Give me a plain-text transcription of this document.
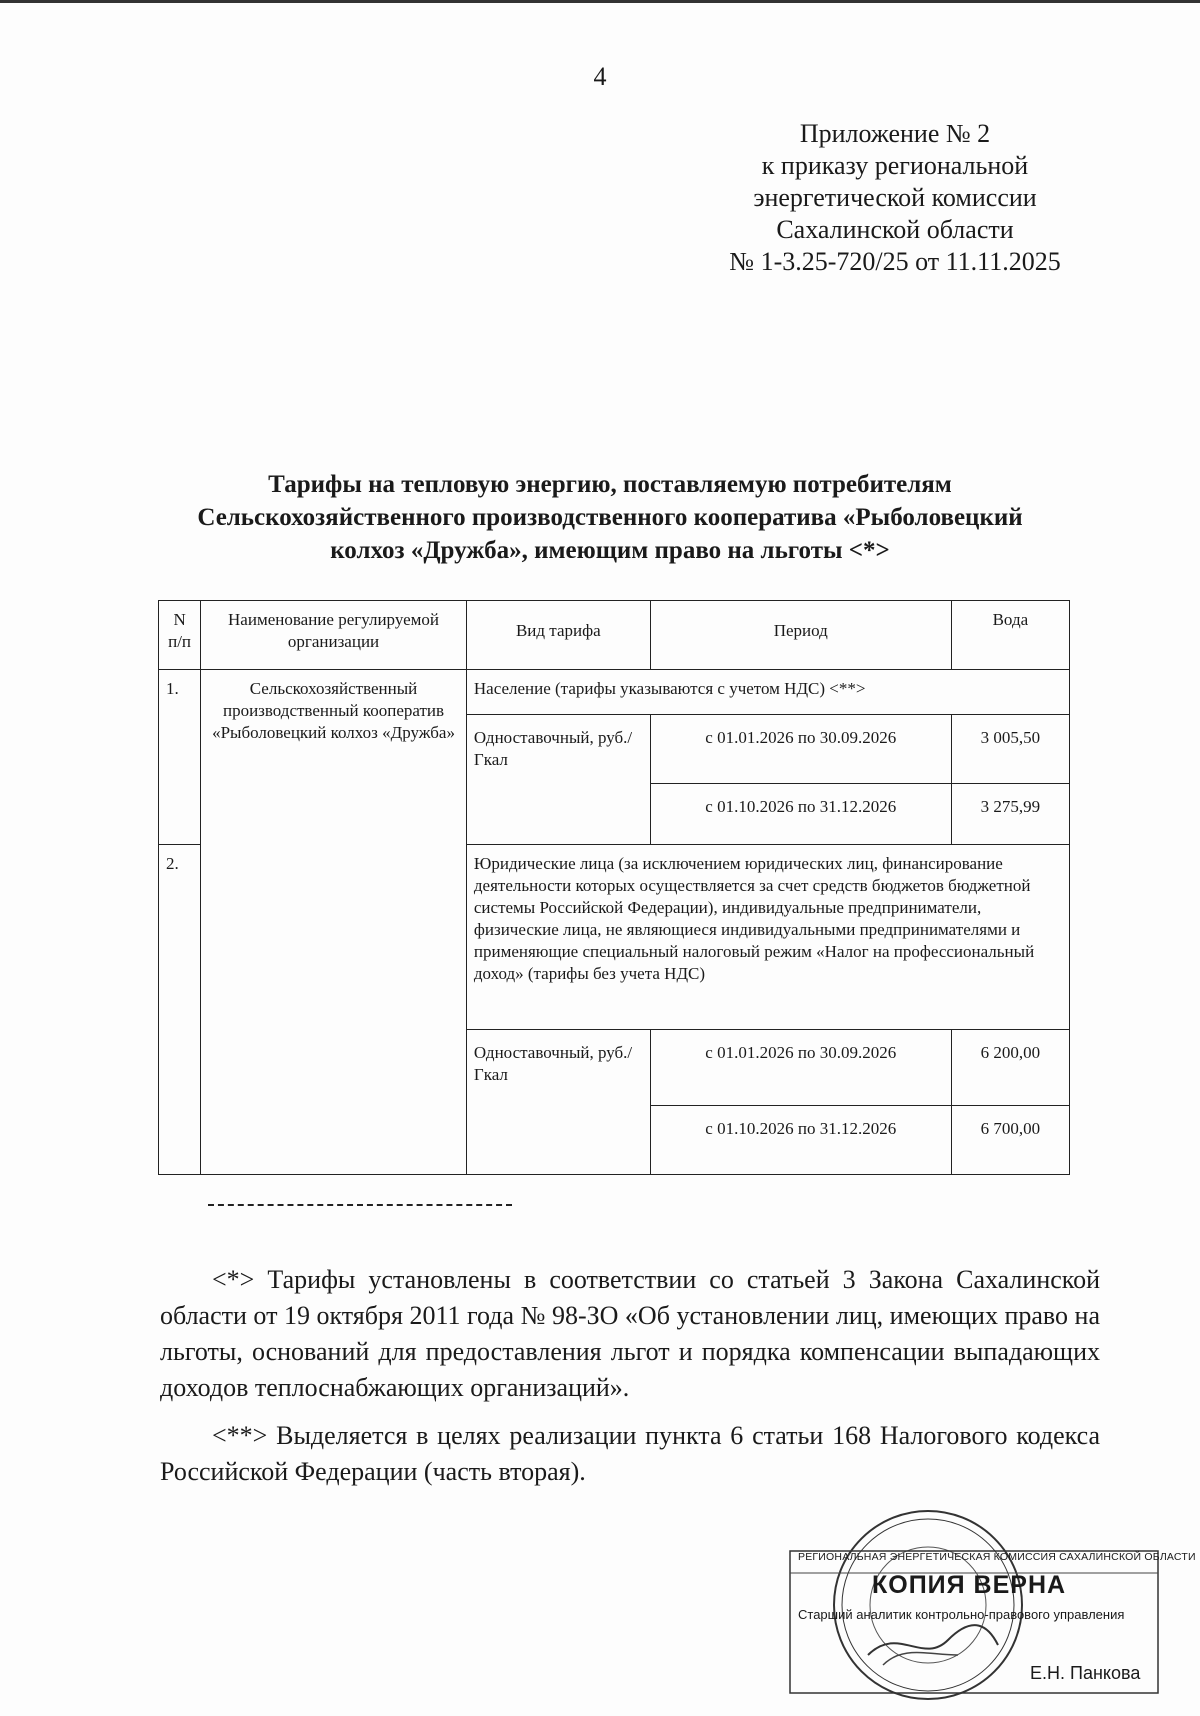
4
Приложение № 2
к приказу региональной
энергетической комиссии
Сахалинской области
№ 1-3.25-720/25 от 11.11.2025
Тарифы на тепловую энергию, поставляемую потребителям
Сельскохозяйственного производственного кооператива «Рыболовецкий
колхоз «Дружба», имеющим право на льготы <*>
N п/п	Наименование регулируемой организации	Вид тарифа	Период	Вода
1.	Сельскохозяйственный производственный кооператив «Рыболовецкий колхоз «Дружба»	Население (тарифы указываются с учетом НДС) <**>		
		Одноставочный, руб./Гкал	с 01.01.2026 по 30.09.2026	3 005,50
			с 01.10.2026 по 31.12.2026	3 275,99
2.		Юридические лица (за исключением юридических лиц, финансирование деятельности которых осуществляется за счет средств бюджетов бюджетной системы Российской Федерации), индивидуальные предприниматели, физические лица, не являющиеся индивидуальными предпринимателями и применяющие специальный налоговый режим «Налог на профессиональный доход» (тарифы без учета НДС)		
		Одноставочный, руб./Гкал	с 01.01.2026 по 30.09.2026	6 200,00
			с 01.10.2026 по 31.12.2026	6 700,00
<*> Тарифы установлены в соответствии со статьей 3 Закона Сахалинской области от 19 октября 2011 года № 98-ЗО «Об установлении лиц, имеющих право на льготы, оснований для предоставления льгот и порядка компенсации выпадающих доходов теплоснабжающих организаций».
<**> Выделяется в целях реализации пункта 6 статьи 168 Налогового кодекса Российской Федерации (часть вторая).
РЕГИОНАЛЬНАЯ ЭНЕРГЕТИЧЕСКАЯ КОМИССИЯ САХАЛИНСКОЙ ОБЛАСТИ
КОПИЯ ВЕРНА
Старший аналитик контрольно-правового управления
Е.Н. Панкова
